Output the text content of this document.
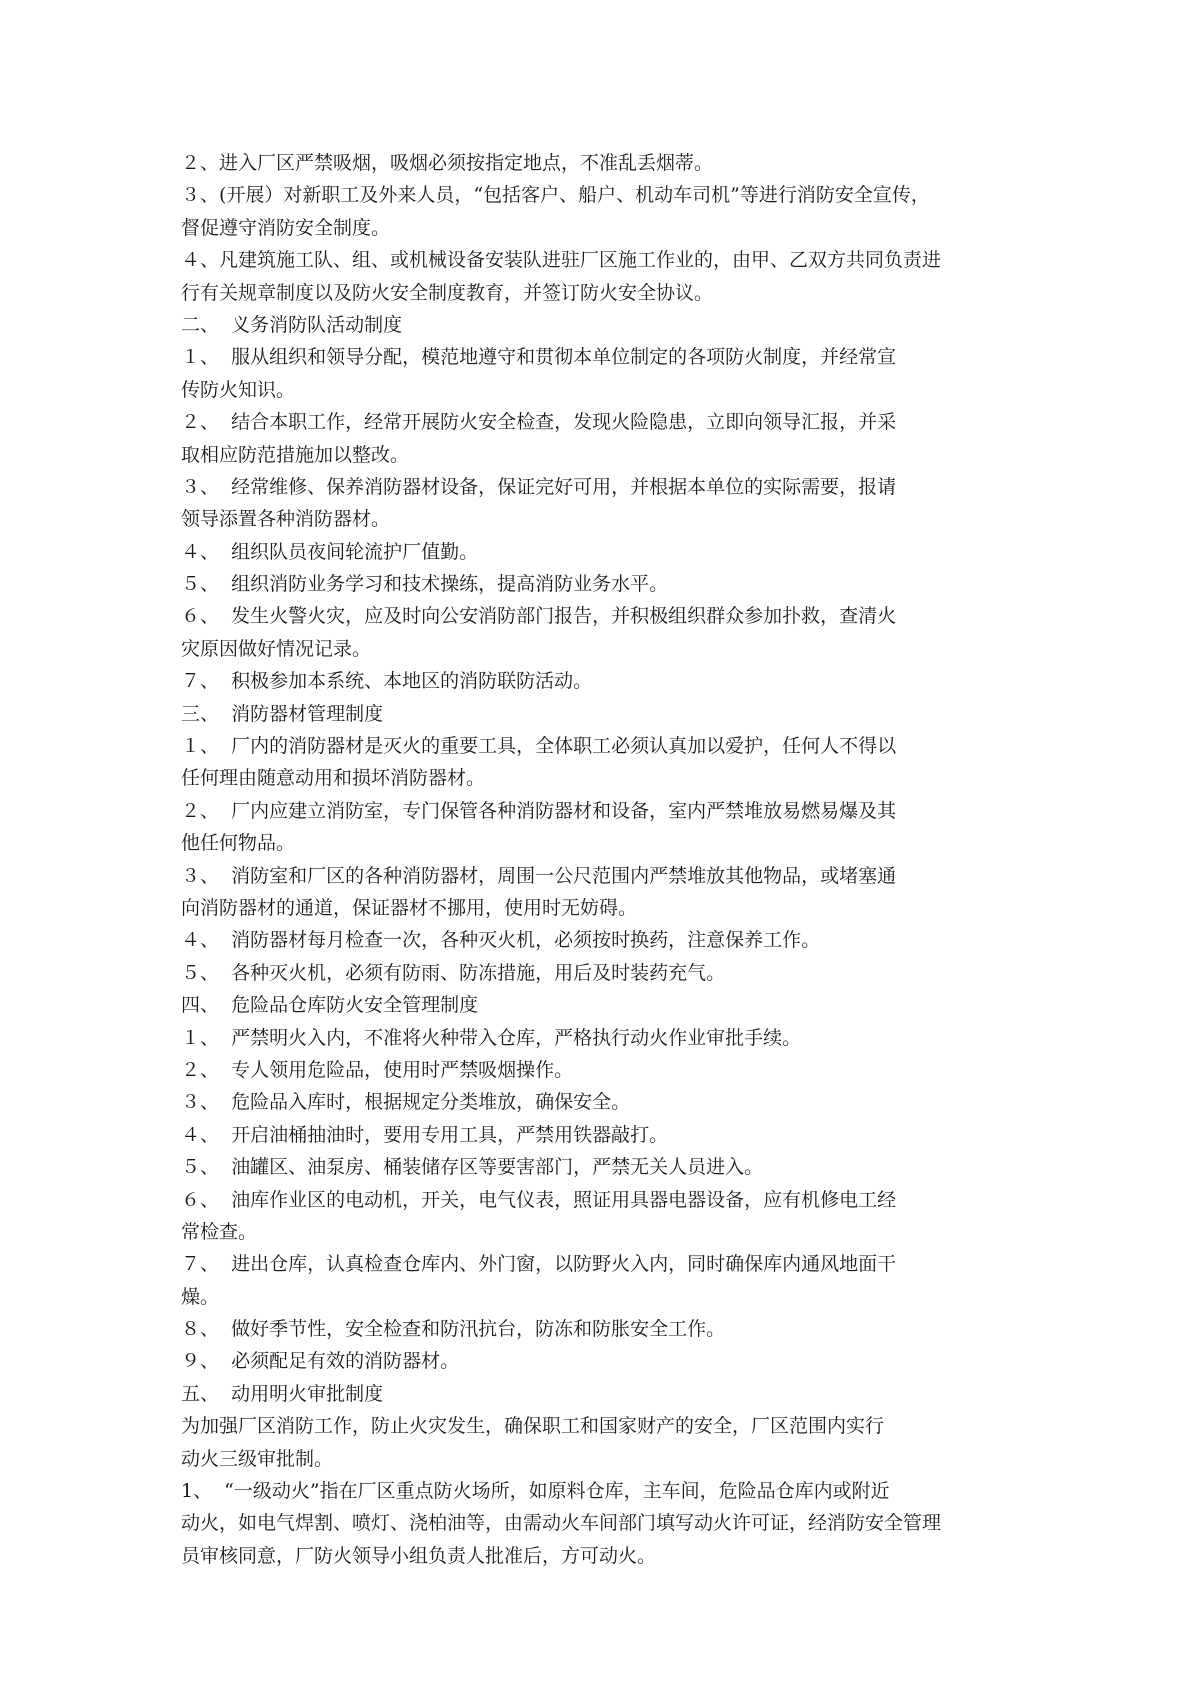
２、进入厂区严禁吸烟，吸烟必须按指定地点，不准乱丢烟蒂。
３、(开展）对新职工及外来人员，“包括客户、船户、机动车司机”等进行消防安全宣传，
督促遵守消防安全制度。
４、凡建筑施工队、组、或机械设备安装队进驻厂区施工作业的，由甲、乙双方共同负责进
行有关规章制度以及防火安全制度教育，并签订防火安全协议。
二、  义务消防队活动制度
１、  服从组织和领导分配，模范地遵守和贯彻本单位制定的各项防火制度，并经常宣
传防火知识。
２、  结合本职工作，经常开展防火安全检查，发现火险隐患，立即向领导汇报，并采
取相应防范措施加以整改。
３、  经常维修、保养消防器材设备，保证完好可用，并根据本单位的实际需要，报请
领导添置各种消防器材。
４、  组织队员夜间轮流护厂值勤。
５、  组织消防业务学习和技术操练，提高消防业务水平。
６、  发生火警火灾，应及时向公安消防部门报告，并积极组织群众参加扑救，查清火
灾原因做好情况记录。
７、  积极参加本系统、本地区的消防联防活动。
三、  消防器材管理制度
１、  厂内的消防器材是灭火的重要工具，全体职工必须认真加以爱护，任何人不得以
任何理由随意动用和损坏消防器材。
２、  厂内应建立消防室，专门保管各种消防器材和设备，室内严禁堆放易燃易爆及其
他任何物品。
３、  消防室和厂区的各种消防器材，周围一公尺范围内严禁堆放其他物品，或堵塞通
向消防器材的通道，保证器材不挪用，使用时无妨碍。
４、  消防器材每月检查一次，各种灭火机，必须按时换药，注意保养工作。
５、  各种灭火机，必须有防雨、防冻措施，用后及时装药充气。
四、  危险品仓库防火安全管理制度
１、  严禁明火入内，不准将火种带入仓库，严格执行动火作业审批手续。
２、  专人领用危险品，使用时严禁吸烟操作。
３、  危险品入库时，根据规定分类堆放，确保安全。
４、  开启油桶抽油时，要用专用工具，严禁用铁器敲打。
５、  油罐区、油泵房、桶装储存区等要害部门，严禁无关人员进入。
６、  油库作业区的电动机，开关，电气仪表，照证用具器电器设备，应有机修电工经
常检查。
７、  进出仓库，认真检查仓库内、外门窗，以防野火入内，同时确保库内通风地面干
燥。
８、  做好季节性，安全检查和防汛抗台，防冻和防胀安全工作。
９、  必须配足有效的消防器材。
五、  动用明火审批制度
为加强厂区消防工作，防止火灾发生，确保职工和国家财产的安全，厂区范围内实行
动火三级审批制。
1、  “一级动火”指在厂区重点防火场所，如原料仓库，主车间，危险品仓库内或附近
动火，如电气焊割、喷灯、浇柏油等，由需动火车间部门填写动火许可证，经消防安全管理
员审核同意，厂防火领导小组负责人批准后，方可动火。
